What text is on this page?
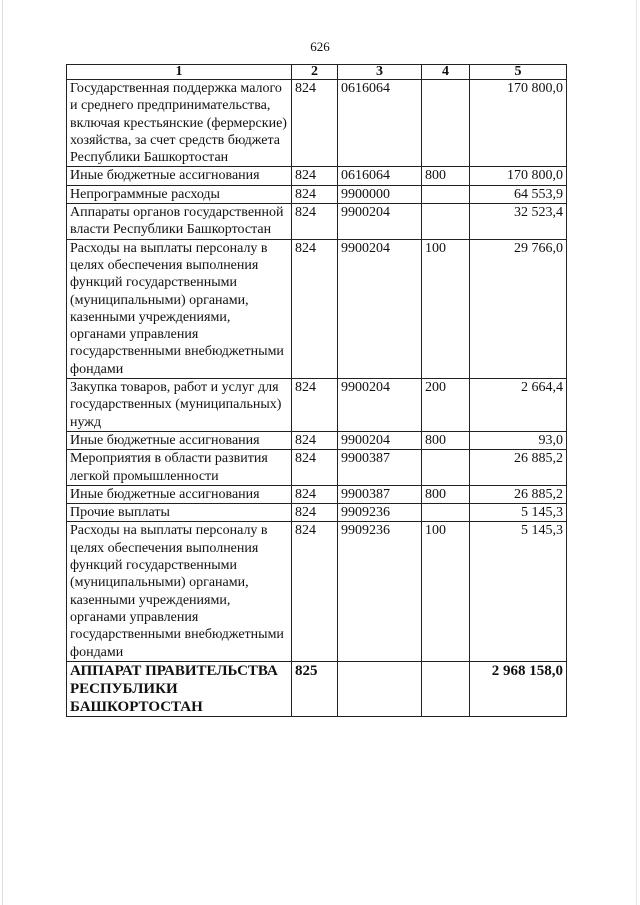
626
1	2	3	4	5
Государственная поддержка малого и среднего предпринимательства, включая крестьянские (фермерские) хозяйства, за счет средств бюджета Республики Башкортостан	824	0616064		170 800,0
Иные бюджетные ассигнования	824	0616064	800	170 800,0
Непрограммные расходы	824	9900000		64 553,9
Аппараты органов государственной власти Республики Башкортостан	824	9900204		32 523,4
Расходы на выплаты персоналу в целях обеспечения выполнения функций государственными (муниципальными) органами, казенными учреждениями, органами управления государственными внебюджетными фондами	824	9900204	100	29 766,0
Закупка товаров, работ и услуг для государственных (муниципальных) нужд	824	9900204	200	2 664,4
Иные бюджетные ассигнования	824	9900204	800	93,0
Мероприятия в области развития легкой промышленности	824	9900387		26 885,2
Иные бюджетные ассигнования	824	9900387	800	26 885,2
Прочие выплаты	824	9909236		5 145,3
Расходы на выплаты персоналу в целях обеспечения выполнения функций государственными (муниципальными) органами, казенными учреждениями, органами управления государственными внебюджетными фондами	824	9909236	100	5 145,3
АППАРАТ ПРАВИТЕЛЬСТВА РЕСПУБЛИКИ БАШКОРТОСТАН	825			2 968 158,0
